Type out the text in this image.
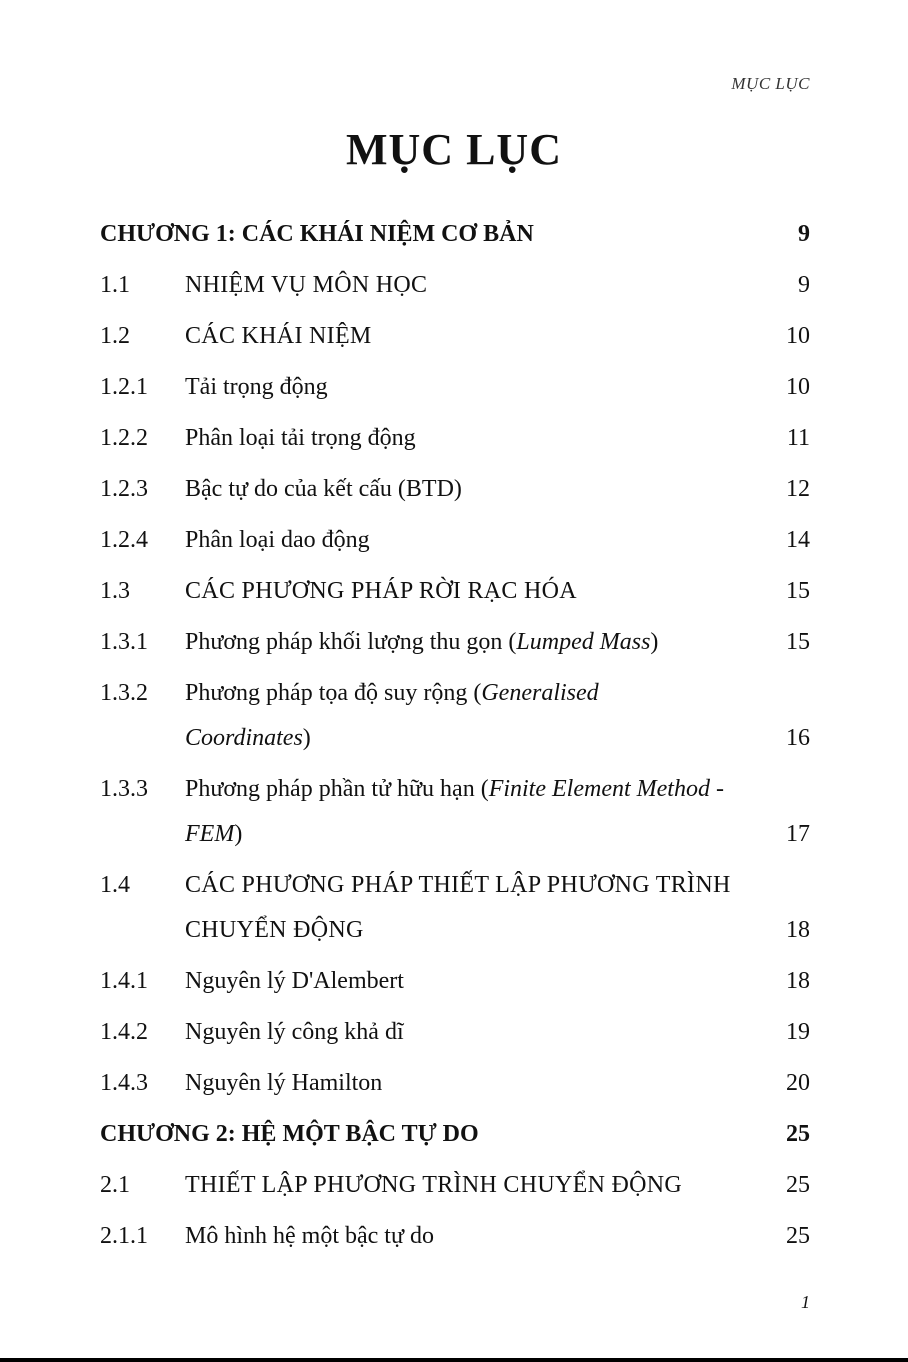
MỤC LỤC
MỤC LỤC
CHƯƠNG 1: CÁC KHÁI NIỆM CƠ BẢN	9
1.1	NHIỆM VỤ MÔN HỌC	9
1.2	CÁC KHÁI NIỆM	10
1.2.1	Tải trọng động	10
1.2.2	Phân loại tải trọng động	11
1.2.3	Bậc tự do của kết cấu (BTD)	12
1.2.4	Phân loại dao động	14
1.3	CÁC PHƯƠNG PHÁP RỜI RẠC HÓA	15
1.3.1	Phương pháp khối lượng thu gọn (Lumped Mass)	15
1.3.2	Phương pháp tọa độ suy rộng (Generalised
Coordinates)	16
1.3.3	Phương pháp phần tử hữu hạn (Finite Element Method -
FEM)	17
1.4	CÁC PHƯƠNG PHÁP THIẾT LẬP PHƯƠNG TRÌNH
CHUYỂN ĐỘNG	18
1.4.1	Nguyên lý D'Alembert	18
1.4.2	Nguyên lý công khả dĩ	19
1.4.3	Nguyên lý Hamilton	20
CHƯƠNG 2: HỆ MỘT BẬC TỰ DO	25
2.1	THIẾT LẬP PHƯƠNG TRÌNH CHUYỂN ĐỘNG	25
2.1.1	Mô hình hệ một bậc tự do	25
1
